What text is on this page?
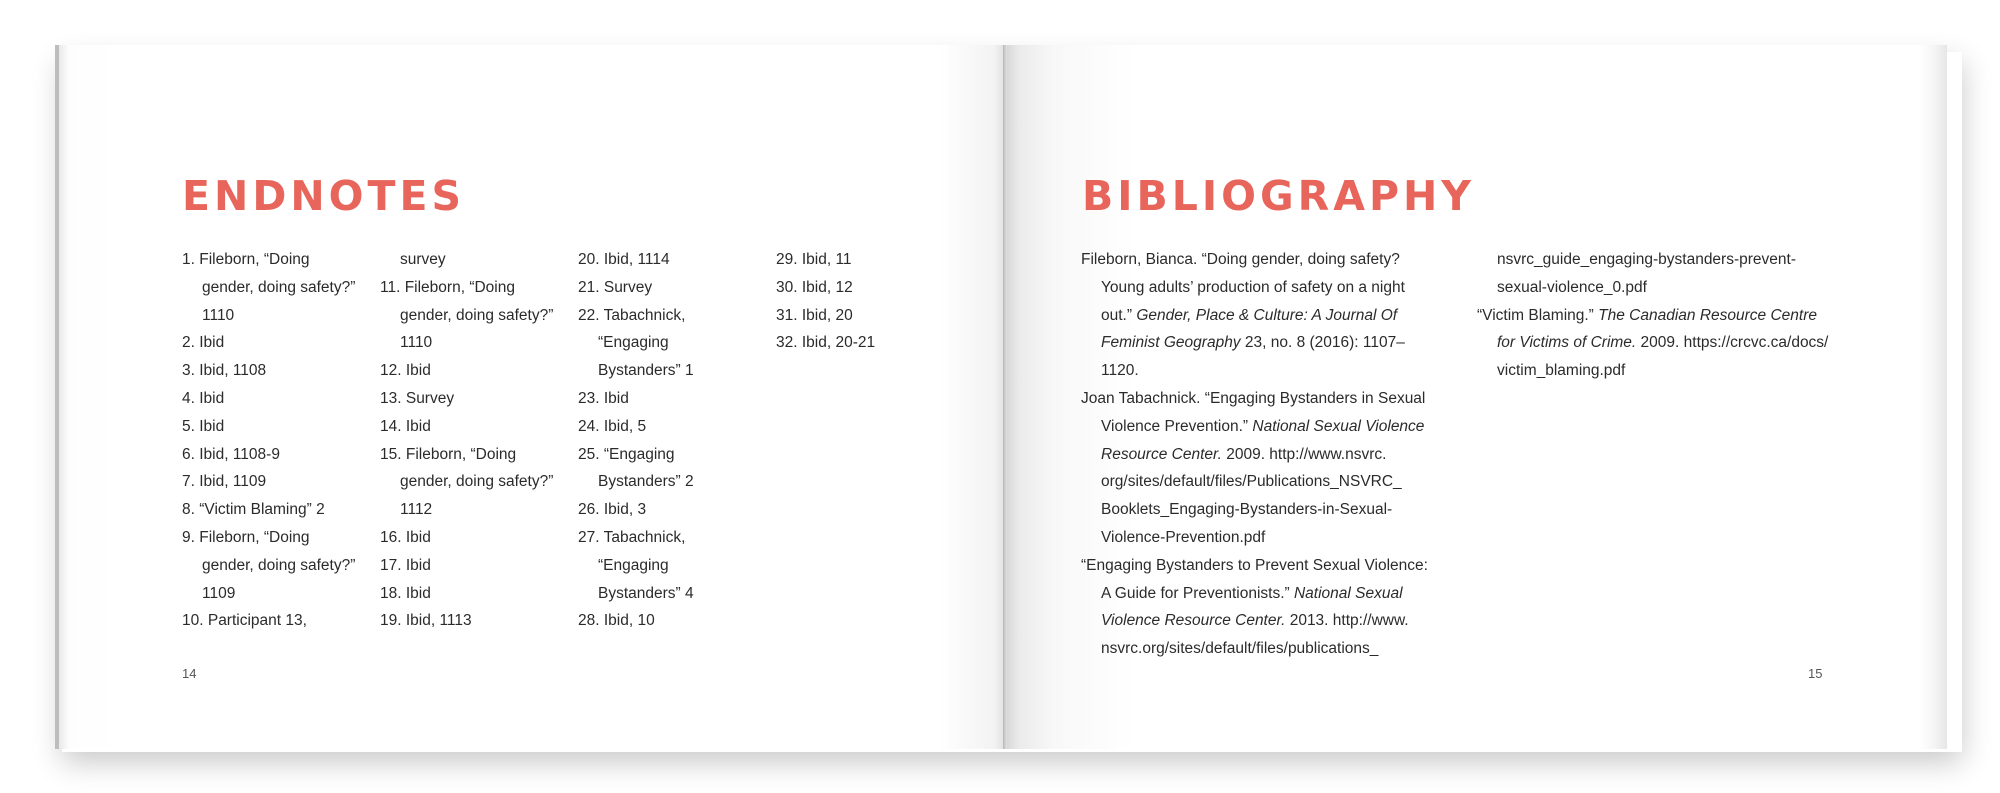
ENDNOTES
1. Fileborn, “Doing gender, doing safety?” 1110
2. Ibid
3. Ibid, 1108
4. Ibid
5. Ibid
6. Ibid, 1108-9
7. Ibid, 1109
8. “Victim Blaming” 2
9. Fileborn, “Doing gender, doing safety?” 1109
10. Participant 13,
survey
11. Fileborn, “Doing gender, doing safety?” 1110
12. Ibid
13. Survey
14. Ibid
15. Fileborn, “Doing gender, doing safety?” 1112
16. Ibid
17. Ibid
18. Ibid
19. Ibid, 1113
20. Ibid, 1114
21. Survey
22. Tabachnick, “Engaging Bystanders” 1
23. Ibid
24. Ibid, 5
25. “Engaging Bystanders” 2
26. Ibid, 3
27. Tabachnick, “Engaging Bystanders” 4
28. Ibid, 10
29. Ibid, 11
30. Ibid, 12
31. Ibid, 20
32. Ibid, 20-21
14
BIBLIOGRAPHY
Fileborn, Bianca. “Doing gender, doing safety? Young adults’ production of safety on a night out.” Gender, Place & Culture: A Journal Of Feminist Geography 23, no. 8 (2016): 1107–1120.
Joan Tabachnick. “Engaging Bystanders in Sexual Violence Prevention.” National Sexual Violence Resource Center. 2009. http://www.nsvrc. org/sites/default/files/Publications_NSVRC_ Booklets_Engaging-Bystanders-in-Sexual- Violence-Prevention.pdf
“Engaging Bystanders to Prevent Sexual Violence: A Guide for Preventionists.” National Sexual Violence Resource Center. 2013. http://www. nsvrc.org/sites/default/files/publications_
nsvrc_guide_engaging-bystanders-prevent- sexual-violence_0.pdf
“Victim Blaming.” The Canadian Resource Centre for Victims of Crime. 2009. https://crcvc.ca/docs/ victim_blaming.pdf
15
